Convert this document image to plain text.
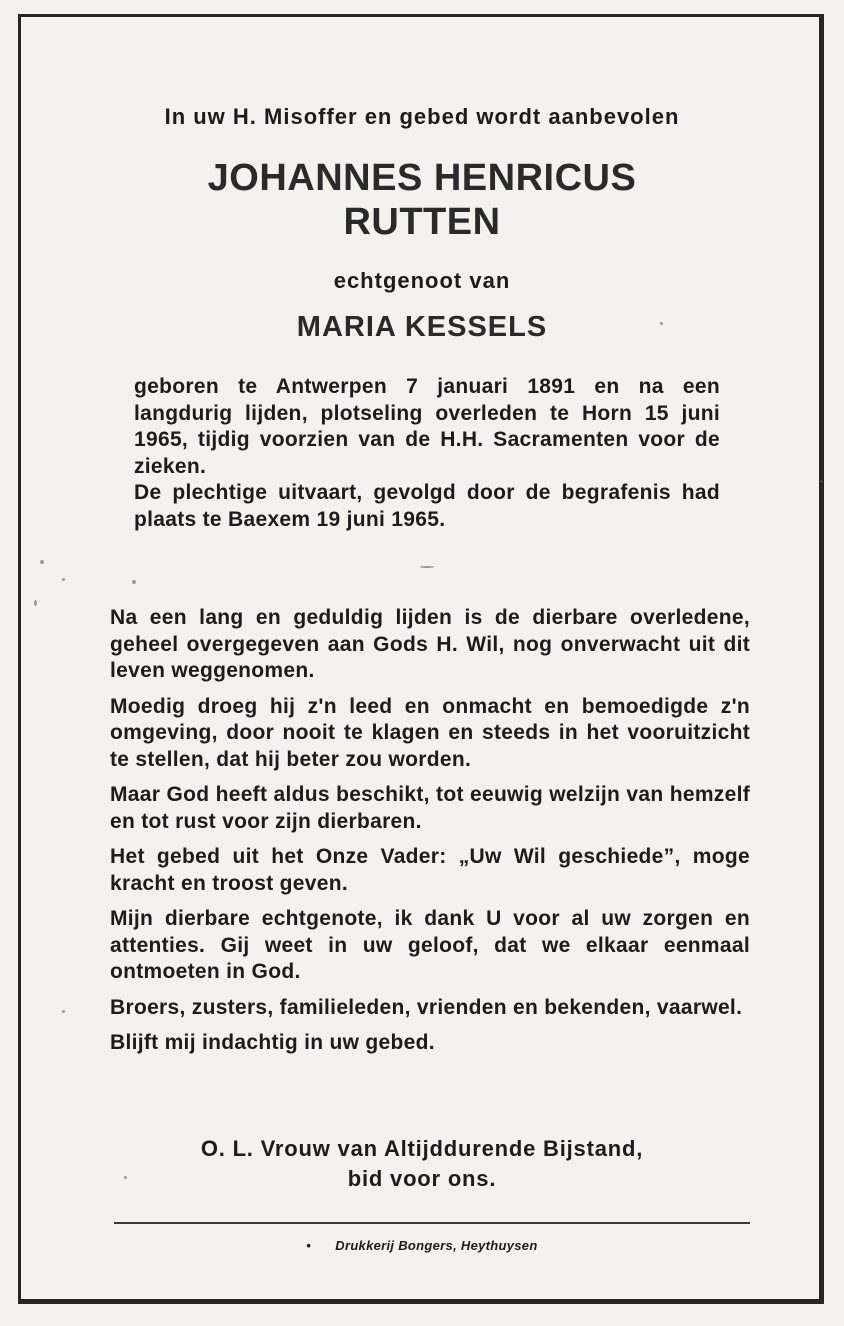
In uw H. Misoffer en gebed wordt aanbevolen
JOHANNES HENRICUS
RUTTEN
echtgenoot van
MARIA KESSELS

geboren te Antwerpen 7 januari 1891 en na een langdurig lijden, plotseling overleden te Horn 15 juni 1965, tijdig voorzien van de H.H. Sacramenten voor de zieken.

De plechtige uitvaart, gevolgd door de begrafenis had plaats te Baexem 19 juni 1965.

Na een lang en geduldig lijden is de dierbare overledene, geheel overgegeven aan Gods H. Wil, nog onverwacht uit dit leven weggenomen.

Moedig droeg hij z'n leed en onmacht en bemoedigde z'n omgeving, door nooit te klagen en steeds in het vooruitzicht te stellen, dat hij beter zou worden.

Maar God heeft aldus beschikt, tot eeuwig welzijn van hemzelf en tot rust voor zijn dierbaren.

Het gebed uit het Onze Vader: „Uw Wil geschiede”, moge kracht en troost geven.

Mijn dierbare echtgenote, ik dank U voor al uw zorgen en attenties. Gij weet in uw geloof, dat we elkaar eenmaal ontmoeten in God.

Broers, zusters, familieleden, vrienden en bekenden, vaarwel.

Blijft mij indachtig in uw gebed.

O. L. Vrouw van Altijddurende Bijstand,
bid voor ons.
• Drukkerij Bongers, Heythuysen
